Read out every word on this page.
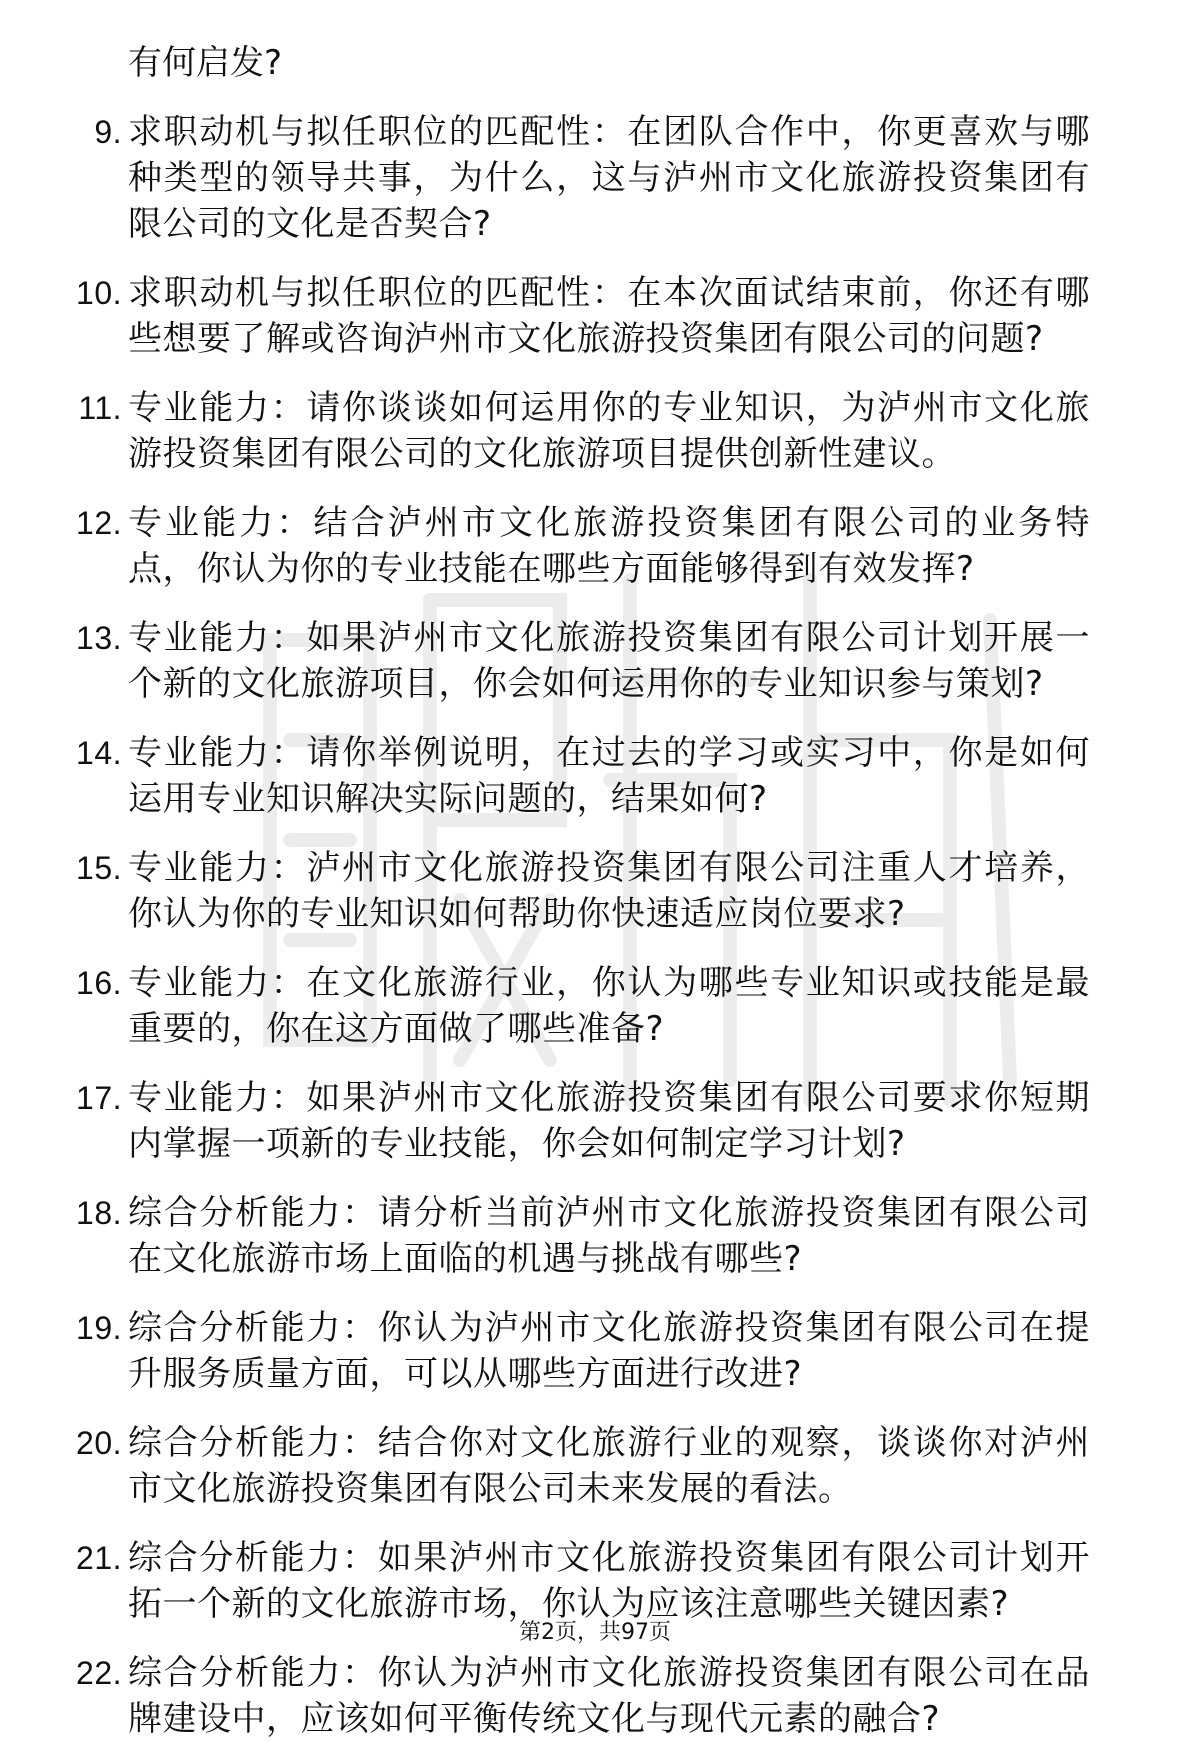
有何启发?

9. 求职动机与拟任职位的匹配性：在团队合作中，你更喜欢与哪种类型的领导共事，为什么，这与泸州市文化旅游投资集团有限公司的文化是否契合?
10. 求职动机与拟任职位的匹配性：在本次面试结束前，你还有哪些想要了解或咨询泸州市文化旅游投资集团有限公司的问题?
11. 专业能力：请你谈谈如何运用你的专业知识，为泸州市文化旅游投资集团有限公司的文化旅游项目提供创新性建议。
12. 专业能力：结合泸州市文化旅游投资集团有限公司的业务特点，你认为你的专业技能在哪些方面能够得到有效发挥?
13. 专业能力：如果泸州市文化旅游投资集团有限公司计划开展一个新的文化旅游项目，你会如何运用你的专业知识参与策划?
14. 专业能力：请你举例说明，在过去的学习或实习中，你是如何运用专业知识解决实际问题的，结果如何?
15. 专业能力：泸州市文化旅游投资集团有限公司注重人才培养，你认为你的专业知识如何帮助你快速适应岗位要求?
16. 专业能力：在文化旅游行业，你认为哪些专业知识或技能是最重要的，你在这方面做了哪些准备?
17. 专业能力：如果泸州市文化旅游投资集团有限公司要求你短期内掌握一项新的专业技能，你会如何制定学习计划?
18. 综合分析能力：请分析当前泸州市文化旅游投资集团有限公司在文化旅游市场上面临的机遇与挑战有哪些?
19. 综合分析能力：你认为泸州市文化旅游投资集团有限公司在提升服务质量方面，可以从哪些方面进行改进?
20. 综合分析能力：结合你对文化旅游行业的观察，谈谈你对泸州市文化旅游投资集团有限公司未来发展的看法。
21. 综合分析能力：如果泸州市文化旅游投资集团有限公司计划开拓一个新的文化旅游市场，你认为应该注意哪些关键因素?
22. 综合分析能力：你认为泸州市文化旅游投资集团有限公司在品牌建设中，应该如何平衡传统文化与现代元素的融合?
第2页，共97页
